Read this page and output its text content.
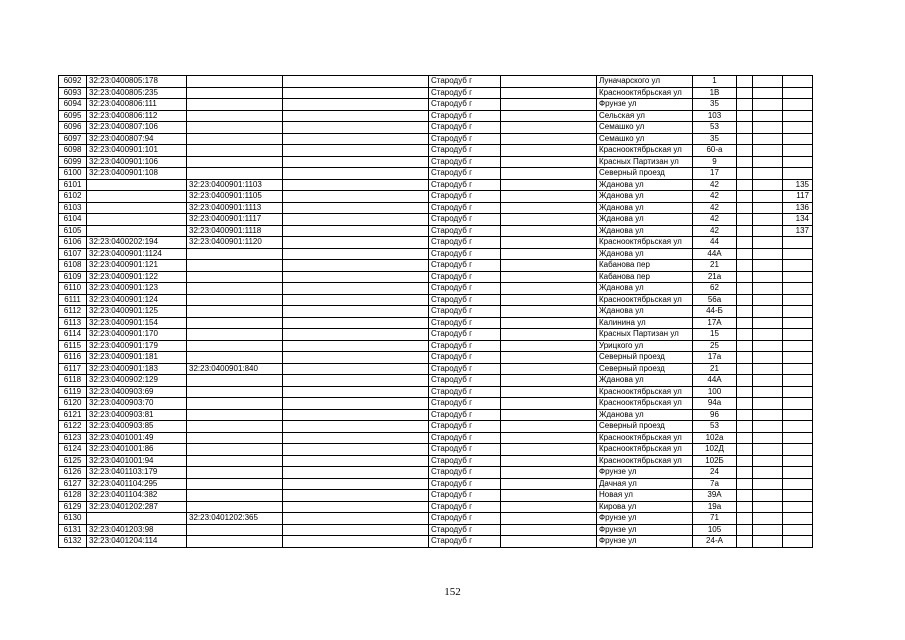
6092	32:23:0400805:178			Стародуб г		Луначарского ул	1			
6093	32:23:0400805:235			Стародуб г		Краснооктябрьская ул	1В			
6094	32:23:0400806:111			Стародуб г		Фрунзе ул	35			
6095	32:23:0400806:112			Стародуб г		Сельская ул	103			
6096	32:23:0400807:106			Стародуб г		Семашко ул	53			
6097	32:23:0400807:94			Стародуб г		Семашко ул	35			
6098	32:23:0400901:101			Стародуб г		Краснооктябрьская ул	60-а			
6099	32:23:0400901:106			Стародуб г		Красных Партизан ул	9			
6100	32:23:0400901:108			Стародуб г		Северный проезд	17			
6101		32:23:0400901:1103		Стародуб г		Жданова ул	42			135
6102		32:23:0400901:1105		Стародуб г		Жданова ул	42			117
6103		32:23:0400901:1113		Стародуб г		Жданова ул	42			136
6104		32:23:0400901:1117		Стародуб г		Жданова ул	42			134
6105		32:23:0400901:1118		Стародуб г		Жданова ул	42			137
6106	32:23:0400202:194	32:23:0400901:1120		Стародуб г		Краснооктябрьская ул	44			
6107	32:23:0400901:1124			Стародуб г		Жданова ул	44А			
6108	32:23:0400901:121			Стародуб г		Кабанова пер	21			
6109	32:23:0400901:122			Стародуб г		Кабанова пер	21а			
6110	32:23:0400901:123			Стародуб г		Жданова ул	62			
6111	32:23:0400901:124			Стародуб г		Краснооктябрьская ул	56а			
6112	32:23:0400901:125			Стародуб г		Жданова ул	44-Б			
6113	32:23:0400901:154			Стародуб г		Калинина ул	17А			
6114	32:23:0400901:170			Стародуб г		Красных Партизан ул	15			
6115	32:23:0400901:179			Стародуб г		Урицкого ул	25			
6116	32:23:0400901:181			Стародуб г		Северный проезд	17а			
6117	32:23:0400901:183	32:23:0400901:840		Стародуб г		Северный проезд	21			
6118	32:23:0400902:129			Стародуб г		Жданова ул	44А			
6119	32:23:0400903:69			Стародуб г		Краснооктябрьская ул	100			
6120	32:23:0400903:70			Стародуб г		Краснооктябрьская ул	94а			
6121	32:23:0400903:81			Стародуб г		Жданова ул	96			
6122	32:23:0400903:85			Стародуб г		Северный проезд	53			
6123	32:23:0401001:49			Стародуб г		Краснооктябрьская ул	102а			
6124	32:23:0401001:86			Стародуб г		Краснооктябрьская ул	102Д			
6125	32:23:0401001:94			Стародуб г		Краснооктябрьская ул	102Б			
6126	32:23:0401103:179			Стародуб г		Фрунзе ул	24			
6127	32:23:0401104:295			Стародуб г		Дачная ул	7а			
6128	32:23:0401104:382			Стародуб г		Новая ул	39А			
6129	32:23:0401202:287			Стародуб г		Кирова ул	19а			
6130		32:23:0401202:365		Стародуб г		Фрунзе ул	71			
6131	32:23:0401203:98			Стародуб г		Фрунзе ул	105			
6132	32:23:0401204:114			Стародуб г		Фрунзе ул	24-А			
152
